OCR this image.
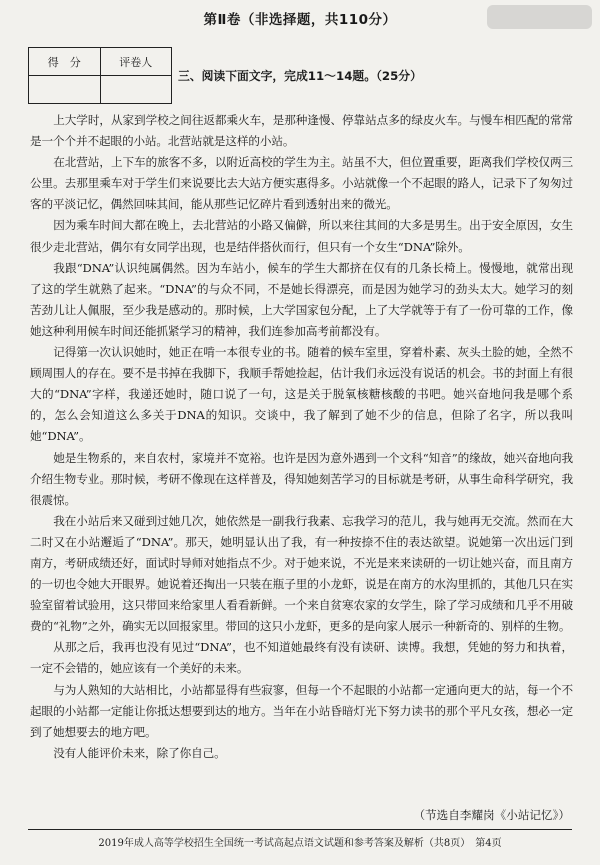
第Ⅱ卷（非选择题，共110分）
得　分	评卷人

三、阅读下面文字，完成11～14题。（25分）

上大学时，从家到学校之间往返都乘火车，是那种逢慢、停靠站点多的绿皮火车。与慢车相匹配的常常是一个个并不起眼的小站。北营站就是这样的小站。

在北营站，上下车的旅客不多，以附近高校的学生为主。站虽不大，但位置重要，距离我们学校仅两三公里。去那里乘车对于学生们来说要比去大站方便实惠得多。小站就像一个不起眼的路人，记录下了匆匆过客的平淡记忆，偶然回味其间，能从那些记忆碎片看到透射出来的微光。

因为乘车时间大都在晚上，去北营站的小路又偏僻，所以来往其间的大多是男生。出于安全原因，女生很少走北营站，偶尔有女同学出现，也是结伴搭伙而行，但只有一个女生“DNA”除外。

我跟“DNA”认识纯属偶然。因为车站小，候车的学生大都挤在仅有的几条长椅上。慢慢地，就常出现了这的学生就熟了起来。“DNA”的与众不同，不是她长得漂亮，而是因为她学习的劲头太大。她学习的刻苦劲儿让人佩服，至少我是感动的。那时候，上大学国家包分配，上了大学就等于有了一份可靠的工作，像她这种利用候车时间还能抓紧学习的精神，我们连参加高考前都没有。

记得第一次认识她时，她正在啃一本很专业的书。随着的候车室里，穿着朴素、灰头土脸的她，全然不顾周围人的存在。要不是书掉在我脚下，我顺手帮她捡起，估计我们永远没有说话的机会。书的封面上有很大的“DNA”字样，我递还她时，随口说了一句，这是关于脱氧核糖核酸的书吧。她兴奋地问我是哪个系的，怎么会知道这么多关于DNA的知识。交谈中，我了解到了她不少的信息，但除了名字，所以我叫她“DNA”。

她是生物系的，来自农村，家境并不宽裕。也许是因为意外遇到一个文科“知音”的缘故，她兴奋地向我介绍生物专业。那时候，考研不像现在这样普及，得知她刻苦学习的目标就是考研，从事生命科学研究，我很震惊。

我在小站后来又碰到过她几次，她依然是一副我行我素、忘我学习的范儿，我与她再无交流。然而在大二时又在小站邂逅了“DNA”。那天，她明显认出了我，有一种按捺不住的表达欲望。说她第一次出远门到南方，考研成绩还好，面试时导师对她指点不少。对于她来说，不光是来来读研的一切让她兴奋，而且南方的一切也令她大开眼界。她说着还掏出一只装在瓶子里的小龙虾，说是在南方的水沟里抓的，其他几只在实验室留着试验用，这只带回来给家里人看看新鲜。一个来自贫寒农家的女学生，除了学习成绩和几乎不用破费的“礼物”之外，确实无以回报家里。带回的这只小龙虾，更多的是向家人展示一种新奇的、别样的生物。

从那之后，我再也没有见过“DNA”，也不知道她最终有没有读研、读博。我想，凭她的努力和执着，一定不会错的，她应该有一个美好的未来。

与为人熟知的大站相比，小站都显得有些寂寥，但每一个不起眼的小站都一定通向更大的站，每一个不起眼的小站都一定能让你抵达想要到达的地方。当年在小站昏暗灯光下努力读书的那个平凡女孩，想必一定到了她想要去的地方吧。

没有人能评价未来，除了你自己。

（节选自李耀岗《小站记忆》）
2019年成人高等学校招生全国统一考试高起点语文试题和参考答案及解析（共8页）　第4页
